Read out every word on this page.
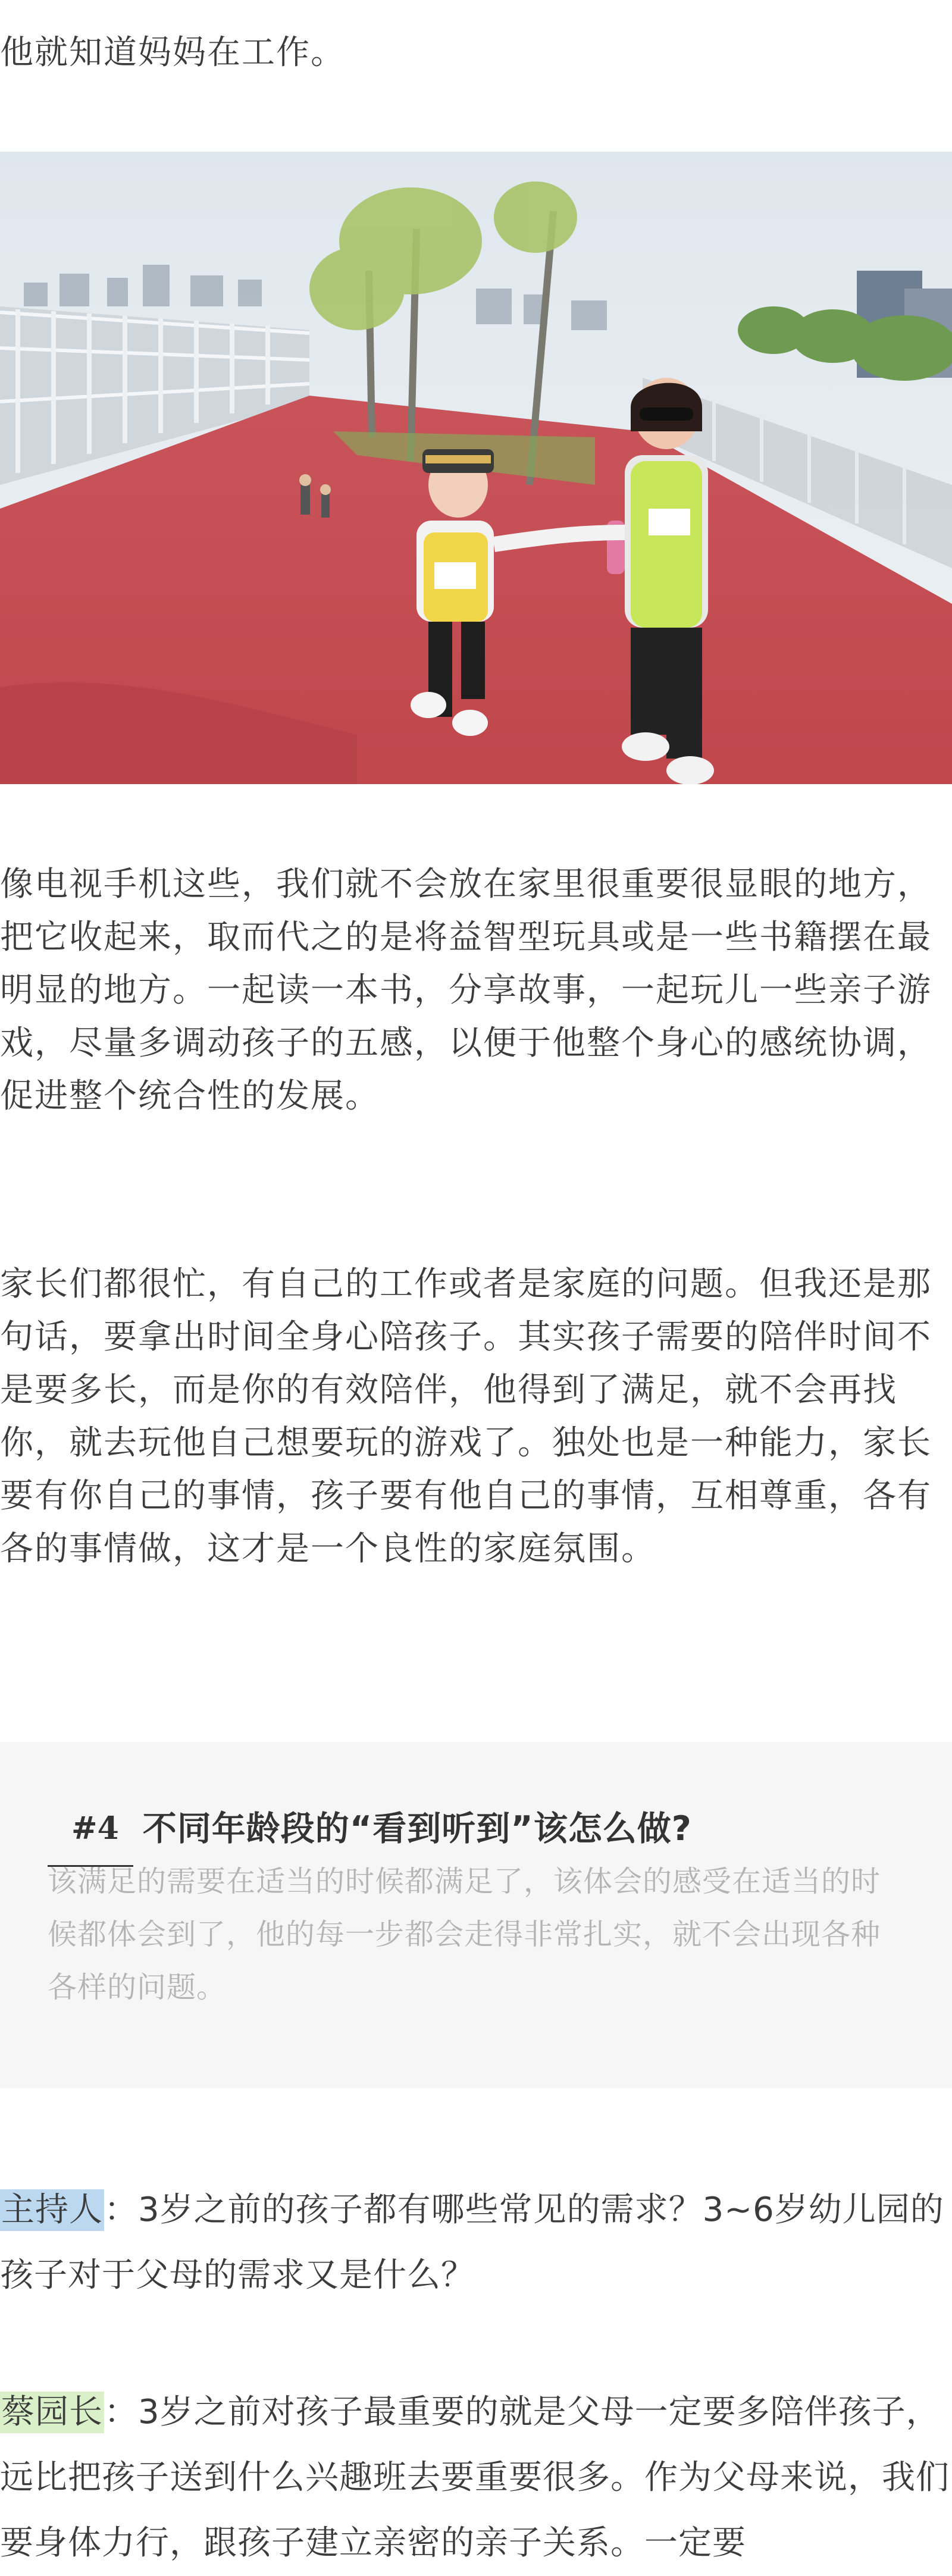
他就知道妈妈在工作。

像电视手机这些，我们就不会放在家里很重要很显眼的地方，把它收起来，取而代之的是将益智型玩具或是一些书籍摆在最明显的地方。一起读一本书，分享故事，一起玩儿一些亲子游戏，尽量多调动孩子的五感，以便于他整个身心的感统协调，促进整个统合性的发展。

家长们都很忙，有自己的工作或者是家庭的问题。但我还是那句话，要拿出时间全身心陪孩子。其实孩子需要的陪伴时间不是要多长，而是你的有效陪伴，他得到了满足，就不会再找你，就去玩他自己想要玩的游戏了。独处也是一种能力，家长要有你自己的事情，孩子要有他自己的事情，互相尊重，各有各的事情做，这才是一个良性的家庭氛围。

#4 不同年龄段的“看到听到”该怎么做?

该满足的需要在适当的时候都满足了，该体会的感受在适当的时候都体会到了，他的每一步都会走得非常扎实，就不会出现各种各样的问题。

主持人：3岁之前的孩子都有哪些常见的需求？3~6岁幼儿园的孩子对于父母的需求又是什么？

蔡园长：3岁之前对孩子最重要的就是父母一定要多陪伴孩子，远比把孩子送到什么兴趣班去要重要很多。作为父母来说，我们要身体力行，跟孩子建立亲密的亲子关系。一定要
